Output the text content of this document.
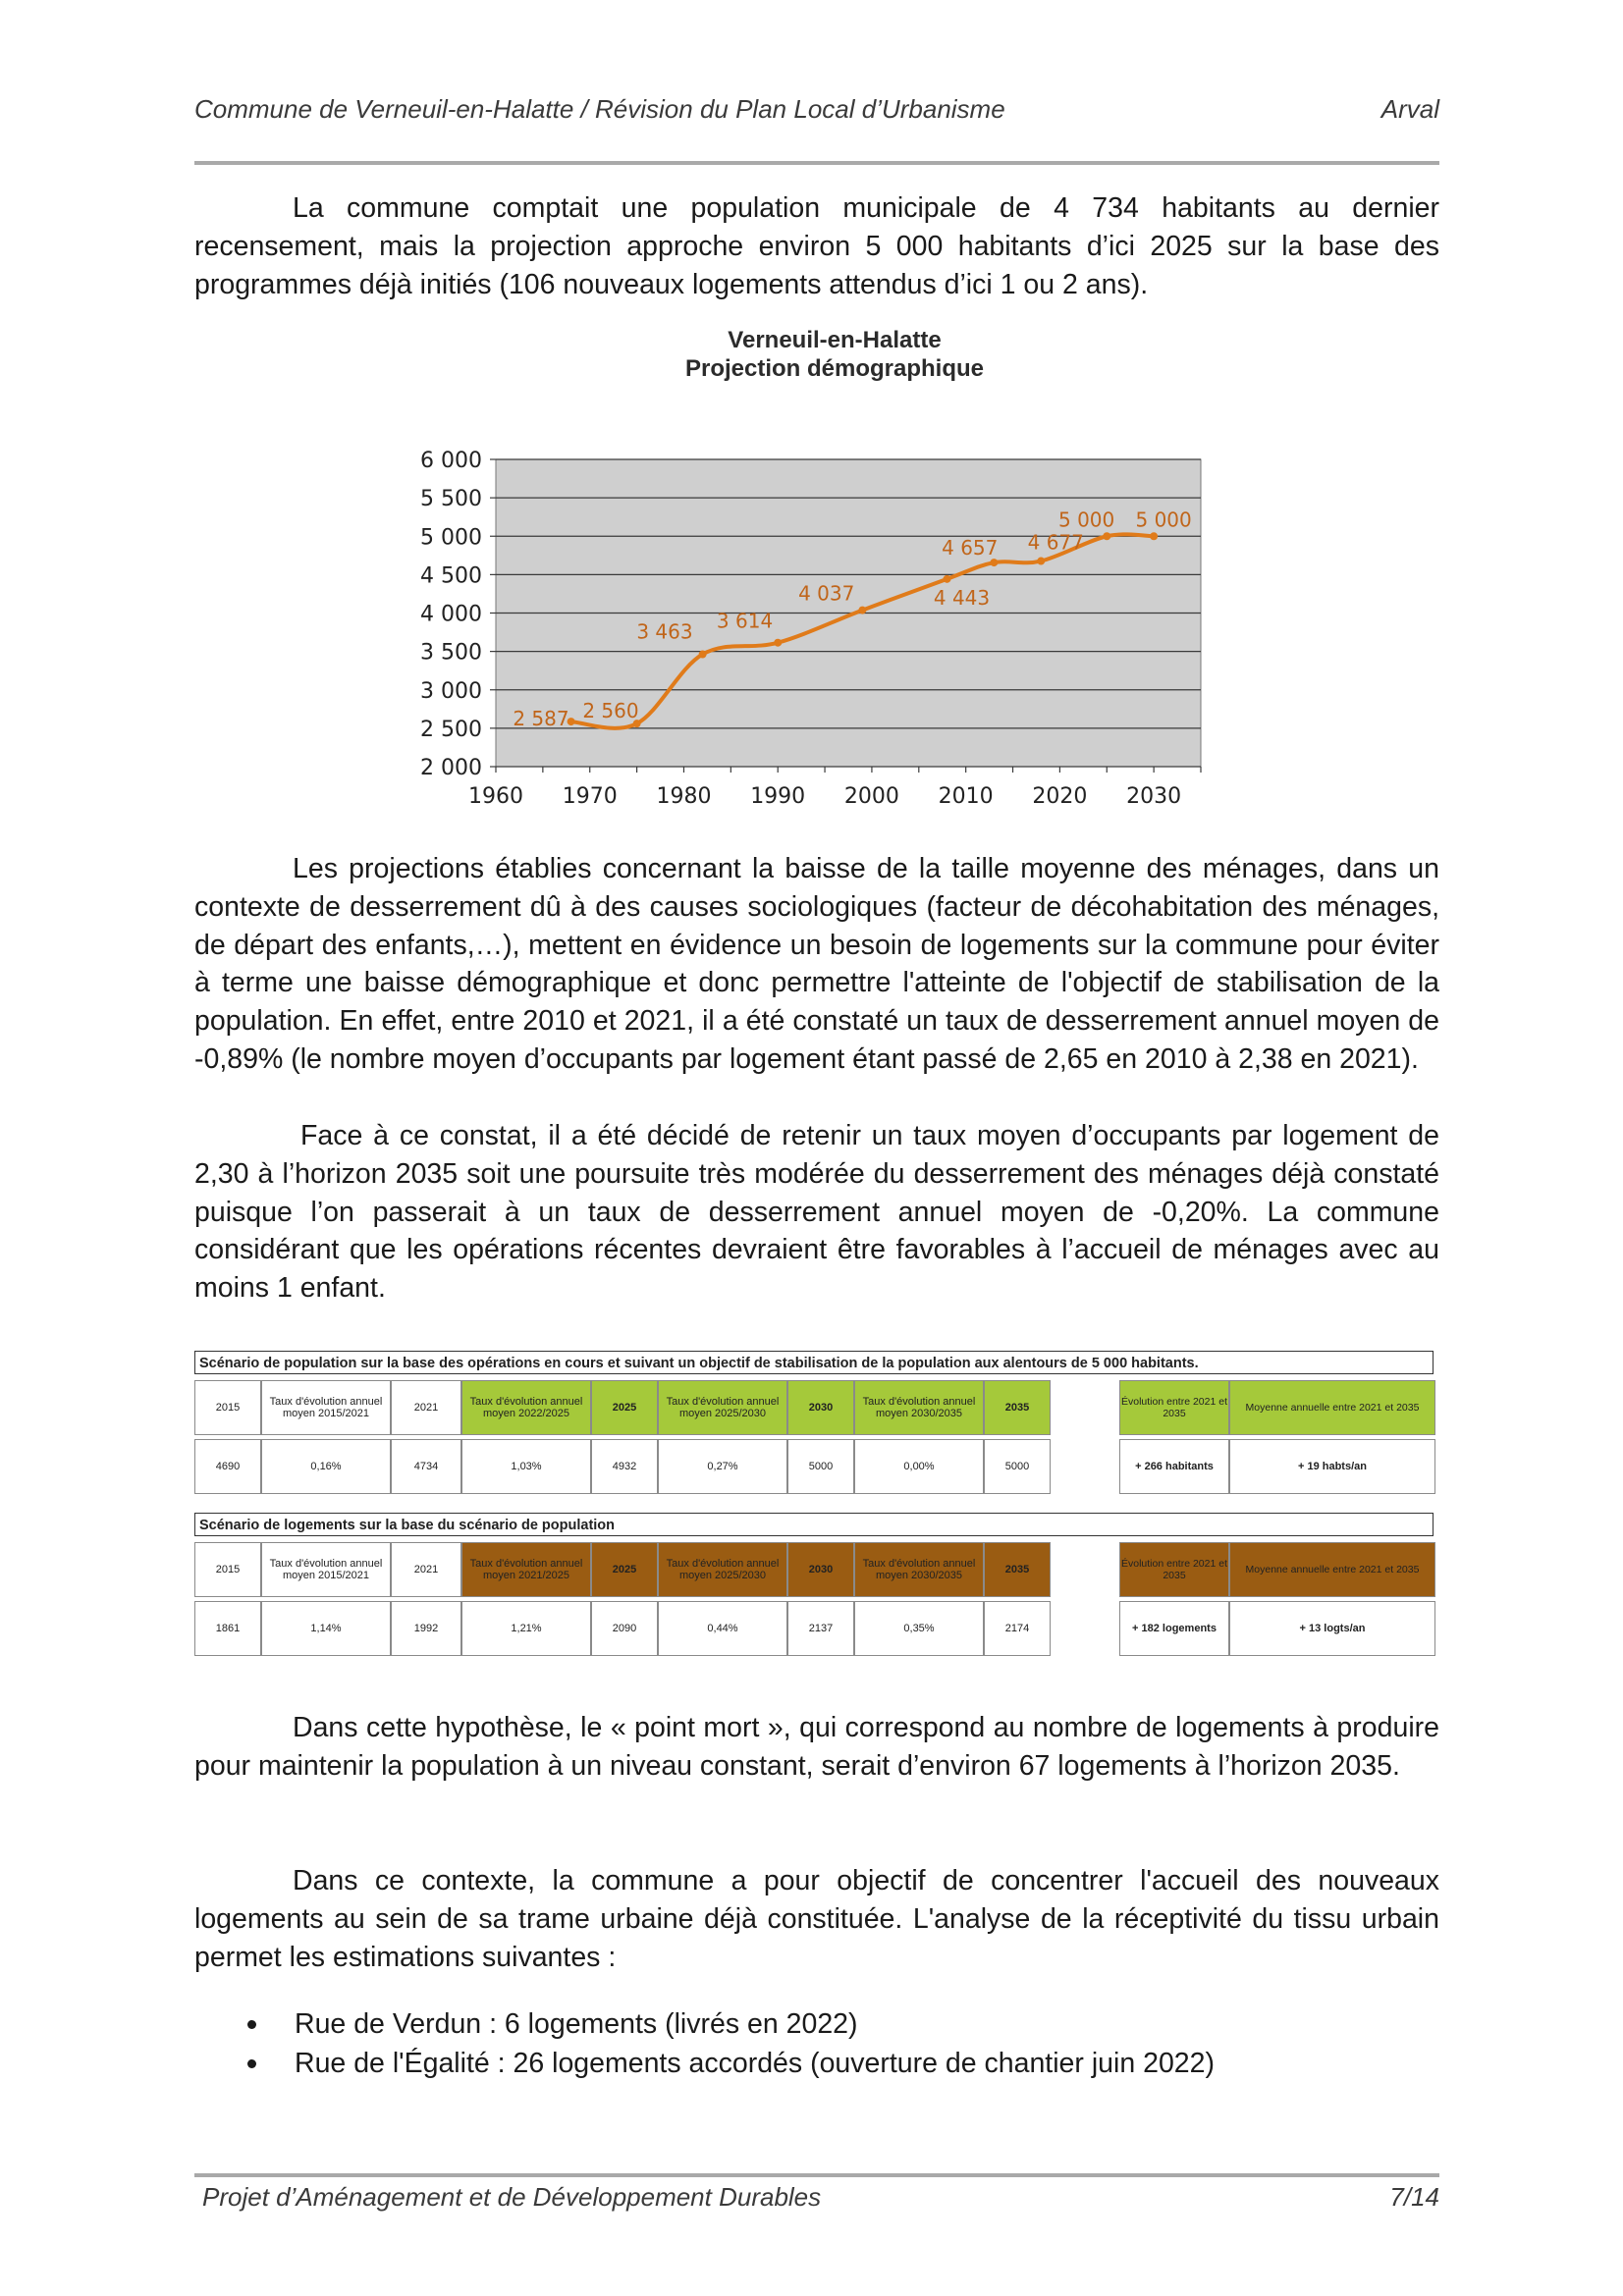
Commune de Verneuil-en-Halatte / Révision du Plan Local d’Urbanisme	Arval

La commune comptait une population municipale de 4 734 habitants au dernier recensement, mais la projection approche environ 5 000 habitants d’ici 2025 sur la base des programmes déjà initiés (106 nouveaux logements attendus d’ici 1 ou 2 ans).

Verneuil-en-Halatte
Projection démographique
2 000
2 500
3 000
3 500
4 000
4 500
5 000
5 500
6 000
1960 1970 1980 1990 2000 2010 2020 2030
2 587 2 560
3 463 3 614
4 037	4 443
4 657 4 677
5 000 5 000

Les projections établies concernant la baisse de la taille moyenne des ménages, dans un contexte de desserrement dû à des causes sociologiques (facteur de décohabitation des ménages, de départ des enfants,…), mettent en évidence un besoin de logements sur la commune pour éviter à terme une baisse démographique et donc permettre l'atteinte de l'objectif de stabilisation de la population. En effet, entre 2010 et 2021, il a été constaté un taux de desserrement annuel moyen de -0,89% (le nombre moyen d’occupants par logement étant passé de 2,65 en 2010 à 2,38 en 2021).

Face à ce constat, il a été décidé de retenir un taux moyen d’occupants par logement de 2,30 à l’horizon 2035 soit une poursuite très modérée du desserrement des ménages déjà constaté puisque l’on passerait à un taux de desserrement annuel moyen de -0,20%. La commune considérant que les opérations récentes devraient être favorables à l’accueil de ménages avec au moins 1 enfant.

Scénario de population sur la base des opérations en cours et suivant un objectif de stabilisation de la population aux alentours de 5 000 habitants.
2015	Taux d'évolution annuel moyen 2015/2021	2021	Taux d'évolution annuel moyen 2022/2025	2025	Taux d'évolution annuel moyen 2025/2030	2030	Taux d'évolution annuel moyen 2030/2035	2035	Évolution entre 2021 et 2035	Moyenne annuelle entre 2021 et 2035
4690	0,16%	4734	1,03%	4932	0,27%	5000	0,00%	5000	+ 266 habitants	+ 19 habts/an
Scénario de logements sur la base du scénario de population
2015	Taux d'évolution annuel moyen 2015/2021	2021	Taux d'évolution annuel moyen 2021/2025	2025	Taux d'évolution annuel moyen 2025/2030	2030	Taux d'évolution annuel moyen 2030/2035	2035	Évolution entre 2021 et 2035	Moyenne annuelle entre 2021 et 2035
1861	1,14%	1992	1,21%	2090	0,44%	2137	0,35%	2174	+ 182 logements	+ 13 logts/an

Dans cette hypothèse, le « point mort », qui correspond au nombre de logements à produire pour maintenir la population à un niveau constant, serait d’environ 67 logements à l’horizon 2035.

Dans ce contexte, la commune a pour objectif de concentrer l'accueil des nouveaux logements au sein de sa trame urbaine déjà constituée. L'analyse de la réceptivité du tissu urbain permet les estimations suivantes :

Rue de Verdun : 6 logements (livrés en 2022)
Rue de l'Égalité : 26 logements accordés (ouverture de chantier juin 2022)
Projet d’Aménagement et de Développement Durables	7/14
